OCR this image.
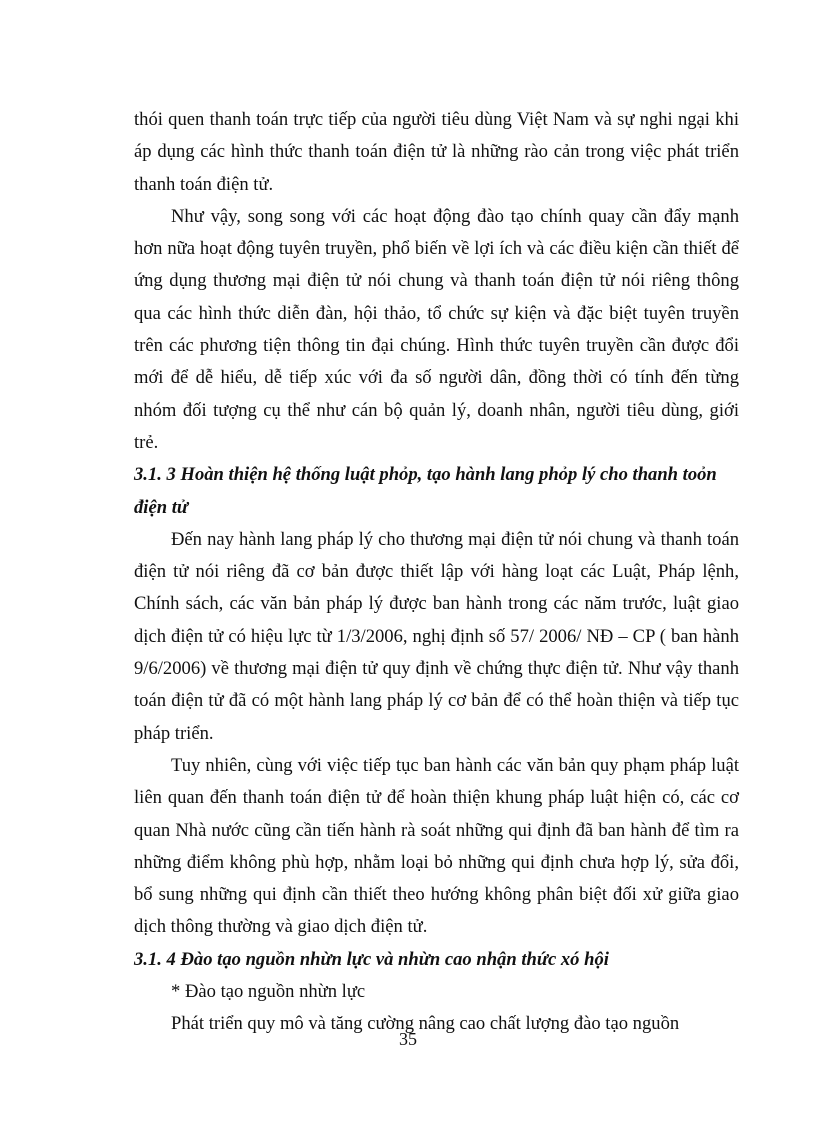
thói quen thanh toán trực tiếp của người tiêu dùng Việt Nam và sự nghi ngại khi áp dụng các hình thức thanh toán điện tử là những rào cản trong việc phát triển thanh toán điện tử.

Như vậy, song song với các hoạt động đào tạo chính quay cần đẩy mạnh hơn nữa hoạt động tuyên truyền, phổ biến về lợi ích và các điều kiện cần thiết để ứng dụng thương mại điện tử nói chung và thanh toán điện tử nói riêng thông qua các hình thức diễn đàn, hội thảo, tổ chức sự kiện và đặc biệt tuyên truyền trên các phương tiện thông tin đại chúng. Hình thức tuyên truyền cần được đổi mới để dễ hiểu, dễ tiếp xúc với đa số người dân, đồng thời có tính đến từng nhóm đối tượng cụ thể như cán bộ quản lý, doanh nhân, người tiêu dùng, giới trẻ.

3.1. 3 Hoàn thiện hệ thống luật phỏp, tạo hành lang phỏp lý cho thanh toỏn điện tử

Đến nay hành lang pháp lý cho thương mại điện tử nói chung và thanh toán điện tử nói riêng đã cơ bản được thiết lập với hàng loạt các Luật, Pháp lệnh, Chính sách, các văn bản pháp lý được ban hành trong các năm trước, luật giao dịch điện tử có hiệu lực từ 1/3/2006, nghị định số 57/ 2006/ NĐ – CP ( ban hành 9/6/2006) về thương mại điện tử quy định về chứng thực điện tử. Như vậy thanh toán điện tử đã có một hành lang pháp lý cơ bản để có thể hoàn thiện và tiếp tục pháp triển.

Tuy nhiên, cùng với việc tiếp tục ban hành các văn bản quy phạm pháp luật liên quan đến thanh toán điện tử để hoàn thiện khung pháp luật hiện có, các cơ quan Nhà nước cũng cần tiến hành rà soát những qui định đã ban hành để tìm ra những điểm không phù hợp, nhằm loại bỏ những qui định chưa hợp lý, sửa đổi, bổ sung những qui định cần thiết theo hướng không phân biệt đối xử giữa giao dịch thông thường và giao dịch điện tử.

3.1. 4 Đào tạo nguồn nhừn lực và nhừn cao nhận thức xó hội

* Đào tạo nguồn nhừn lực

Phát triển quy mô và tăng cường nâng cao chất lượng đào tạo nguồn

35
